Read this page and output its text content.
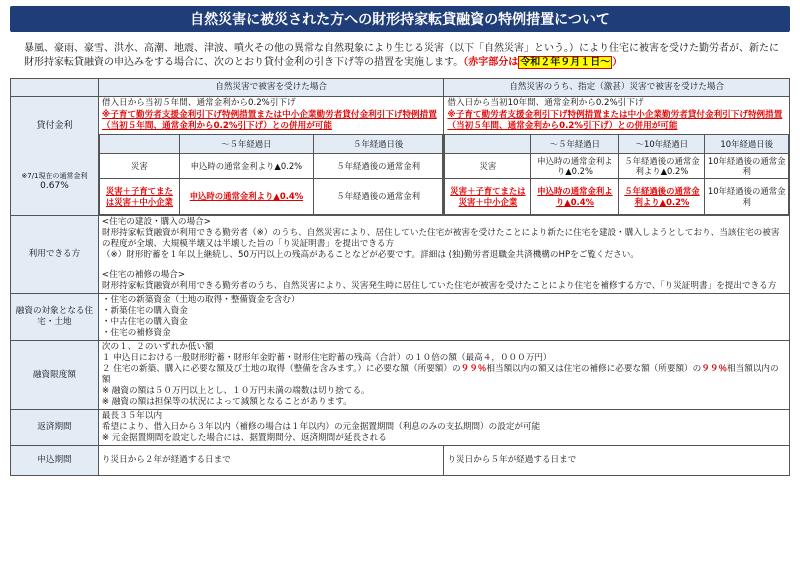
自然災害に被災された方への財形持家転貸融資の特例措置について
暴風、豪雨、豪雪、洪水、高潮、地震、津波、噴火その他の異常な自然現象により生じる災害（以下「自然災害」という。）により住宅に被害を受けた勤労者が、新たに財形持家転貸融資の申込みをする場合に、次のとおり貸付金利の引き下げ等の措置を実施します。（赤字部分は 令和２年９月１日～ ）
	自然災害で被害を受けた場合	自然災害のうち、指定（激甚）災害で被害を受けた場合

貸付金利
※7/1現在の通常金利
0.67%

借入日から当初５年間、通常金利から0.2%引下げ
※子育て勤労者支援金利引下げ特例措置または中小企業勤労者貸付金利引下げ特例措置（当初５年間、通常金利から0.2%引下げ）との併用が可能
	～５年経過日	５年経過日後
災害	申込時の通常金利より▲0.2%	５年経過後の通常金利
災害＋子育てまたは災害＋中小企業	申込時の通常金利より▲0.4%	５年経過後の通常金利

借入日から当初10年間、通常金利から0.2%引下げ
※子育て勤労者支援金利引下げ特例措置または中小企業勤労者貸付金利引下げ特例措置（当初５年間、通常金利から0.2%引下げ）との併用が可能
	～５年経過日	～10年経過日	10年経過日後
災害	申込時の通常金利より▲0.2%	５年経過後の通常金利より▲0.2%	10年経過後の通常金利
災害＋子育てまたは災害＋中小企業	申込時の通常金利より▲0.4%	５年経過後の通常金利より▲0.2%	10年経過後の通常金利

利用できる方	
<住宅の建設・購入の場合>
財形持家転貸融資が利用できる勤労者（※）のうち、自然災害により、居住していた住宅が被害を受けたことにより新たに住宅を建設・購入しようとしており、当該住宅の被害の程度が全壊、大規模半壊又は半壊した旨の「り災証明書」を提出できる方
（※）財形貯蓄を１年以上継続し、50万円以上の残高があることなどが必要です。詳細は (独)勤労者退職金共済機構のHPをご覧ください。
<住宅の補修の場合>
財形持家転貸融資が利用できる勤労者のうち、自然災害により、災害発生時に居住していた住宅が被害を受けたことにより住宅を補修する方で、「り災証明書」を提出できる方

融資の対象となる住宅・土地	
・住宅の新築資金（土地の取得・整備資金を含む）
・新築住宅の購入資金
・中古住宅の購入資金
・住宅の補修資金

融資限度額	
次の１、２のいずれか低い額
１ 申込日における一般財形貯蓄・財形年金貯蓄・財形住宅貯蓄の残高（合計）の１０倍の額（最高４，０００万円）
２ 住宅の新築、購入に必要な額及び土地の取得（整備を含みます。）に必要な額（所要額）の９９％相当額以内の額又は住宅の補修に必要な額（所要額）の９９％相当額以内の額
※ 融資の額は５０万円以上とし、１０万円未満の端数は切り捨てる。
※ 融資の額は担保等の状況によって減額となることがあります。

返済期間	
最長３５年以内
希望により、借入日から３年以内（補修の場合は１年以内）の元金据置期間（利息のみの支払期間）の設定が可能
※ 元金据置期間を設定した場合には、据置期間分、返済期間が延長される

申込期間	り災日から２年が経過する日まで	り災日から５年が経過する日まで
